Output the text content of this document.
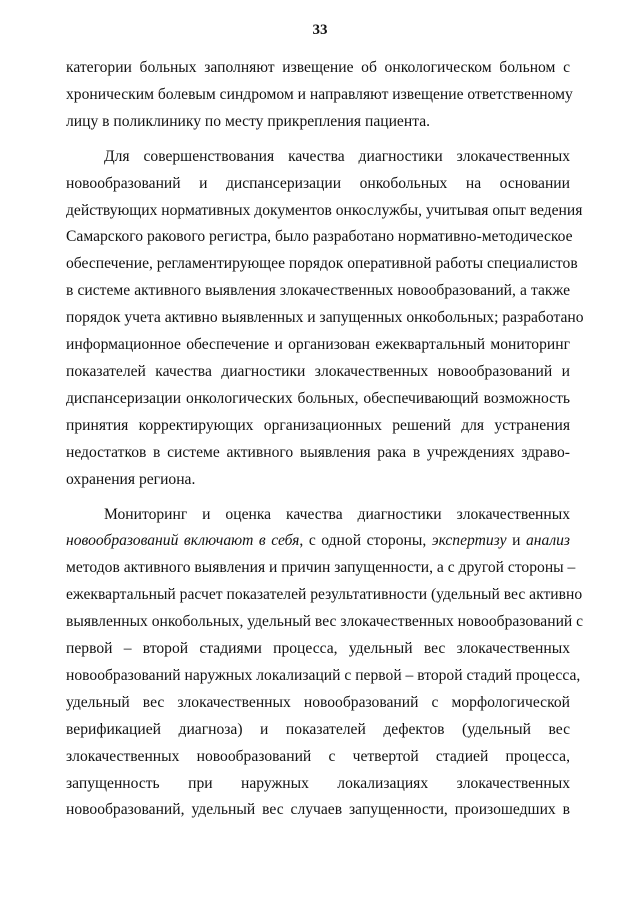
33
категории больных заполняют извещение об онкологическом больном с
хроническим болевым синдромом и направляют извещение ответственному
лицу в поликлинику по месту прикрепления пациента.
Для совершенствования качества диагностики злокачественных
новообразований и диспансеризации онкобольных на основании
действующих нормативных документов онкослужбы, учитывая опыт ведения
Самарского ракового регистра, было разработано нормативно-методическое
обеспечение, регламентирующее порядок оперативной работы специалистов
в системе активного выявления злокачественных новообразований, а также
порядок учета активно выявленных и запущенных онкобольных; разработано
информационное обеспечение и организован ежеквартальный мониторинг
показателей качества диагностики злокачественных новообразований и
диспансеризации онкологических больных, обеспечивающий возможность
принятия корректирующих организационных решений для устранения
недостатков в системе активного выявления рака в учреждениях здраво-
охранения региона.
Мониторинг и оценка качества диагностики злокачественных
новообразований включают в себя, с одной стороны, экспертизу и анализ
методов активного выявления и причин запущенности, а с другой стороны –
ежеквартальный расчет показателей результативности (удельный вес активно
выявленных онкобольных, удельный вес злокачественных новообразований с
первой – второй стадиями процесса, удельный вес злокачественных
новообразований наружных локализаций с первой – второй стадий процесса,
удельный вес злокачественных новообразований с морфологической
верификацией диагноза) и показателей дефектов (удельный вес
злокачественных новообразований с четвертой стадией процесса,
запущенность при наружных локализациях злокачественных
новообразований, удельный вес случаев запущенности, произошедших в
